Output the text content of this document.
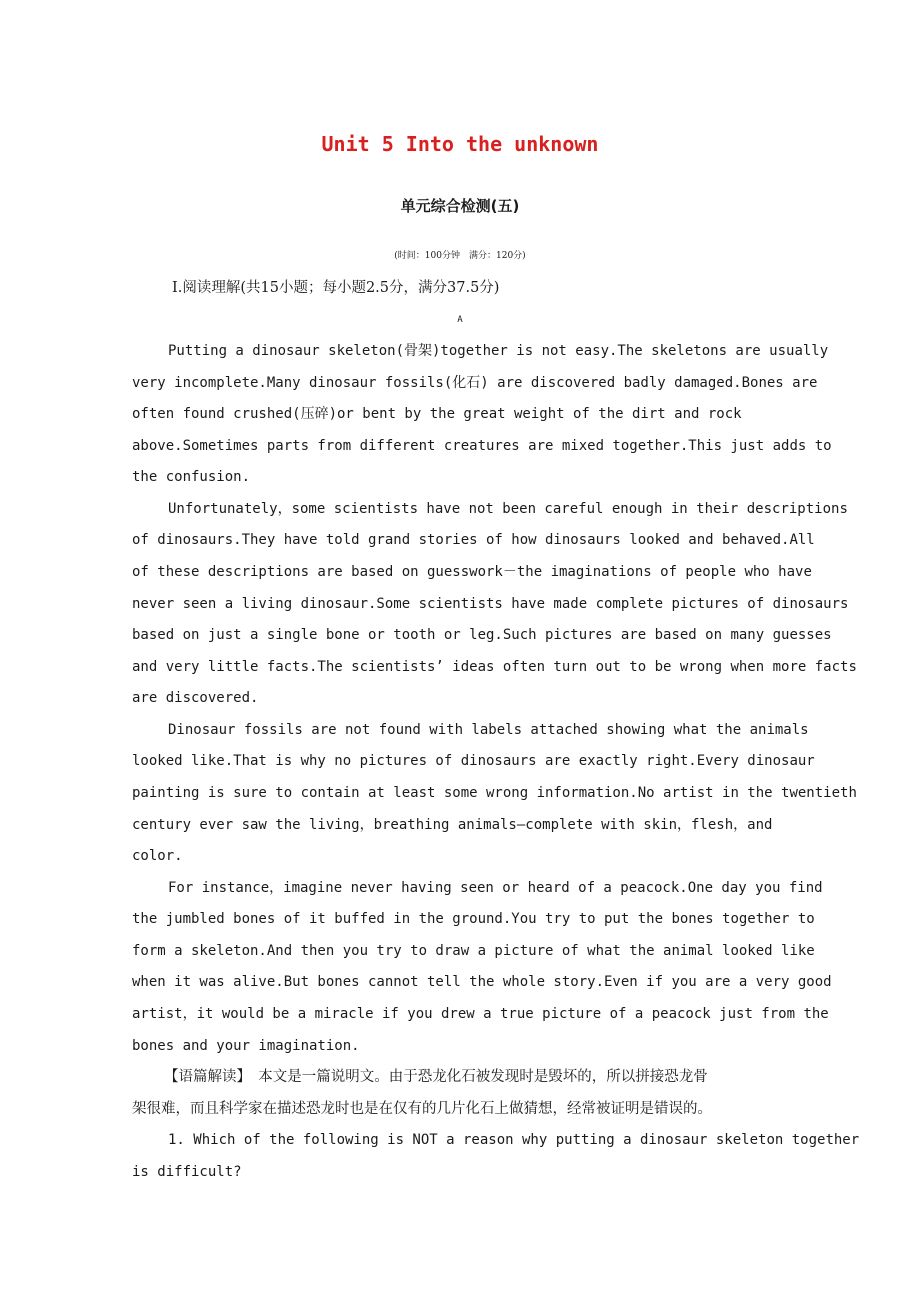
Unit 5 Into the unknown
单元综合检测(五)
(时间：100分钟　满分：120分)
Ⅰ.阅读理解(共15小题；每小题2.5分，满分37.5分)
A
Putting a dinosaur skeleton(骨架)together is not easy.The skeletons are usually
very incomplete.Many dinosaur fossils(化石) are discovered badly damaged.Bones are
often found crushed(压碎)or bent by the great weight of the dirt and rock
above.Sometimes parts from different creatures are mixed together.This just adds to
the confusion.
Unfortunately，some scientists have not been careful enough in their descriptions
of dinosaurs.They have told grand stories of how dinosaurs looked and behaved.All
of these descriptions are based on guesswork－the imaginations of people who have
never seen a living dinosaur.Some scientists have made complete pictures of dinosaurs
based on just a single bone or tooth or leg.Such pictures are based on many guesses
and very little facts.The scientists’ ideas often turn out to be wrong when more facts
are discovered.
Dinosaur fossils are not found with labels attached showing what the animals
looked like.That is why no pictures of dinosaurs are exactly right.Every dinosaur
painting is sure to contain at least some wrong information.No artist in the twentieth
century ever saw the living，breathing animals—complete with skin，flesh，and
color.
For instance，imagine never having seen or heard of a peacock.One day you find
the jumbled bones of it buffed in the ground.You try to put the bones together to
form a skeleton.And then you try to draw a picture of what the animal looked like
when it was alive.But bones cannot tell the whole story.Even if you are a very good
artist，it would be a miracle if you drew a true picture of a peacock just from the
bones and your imagination.
【语篇解读】　本文是一篇说明文。由于恐龙化石被发现时是毁坏的，所以拼接恐龙骨
架很难，而且科学家在描述恐龙时也是在仅有的几片化石上做猜想，经常被证明是错误的。
1. Which of the following is NOT a reason why putting a dinosaur skeleton together
is difficult?
